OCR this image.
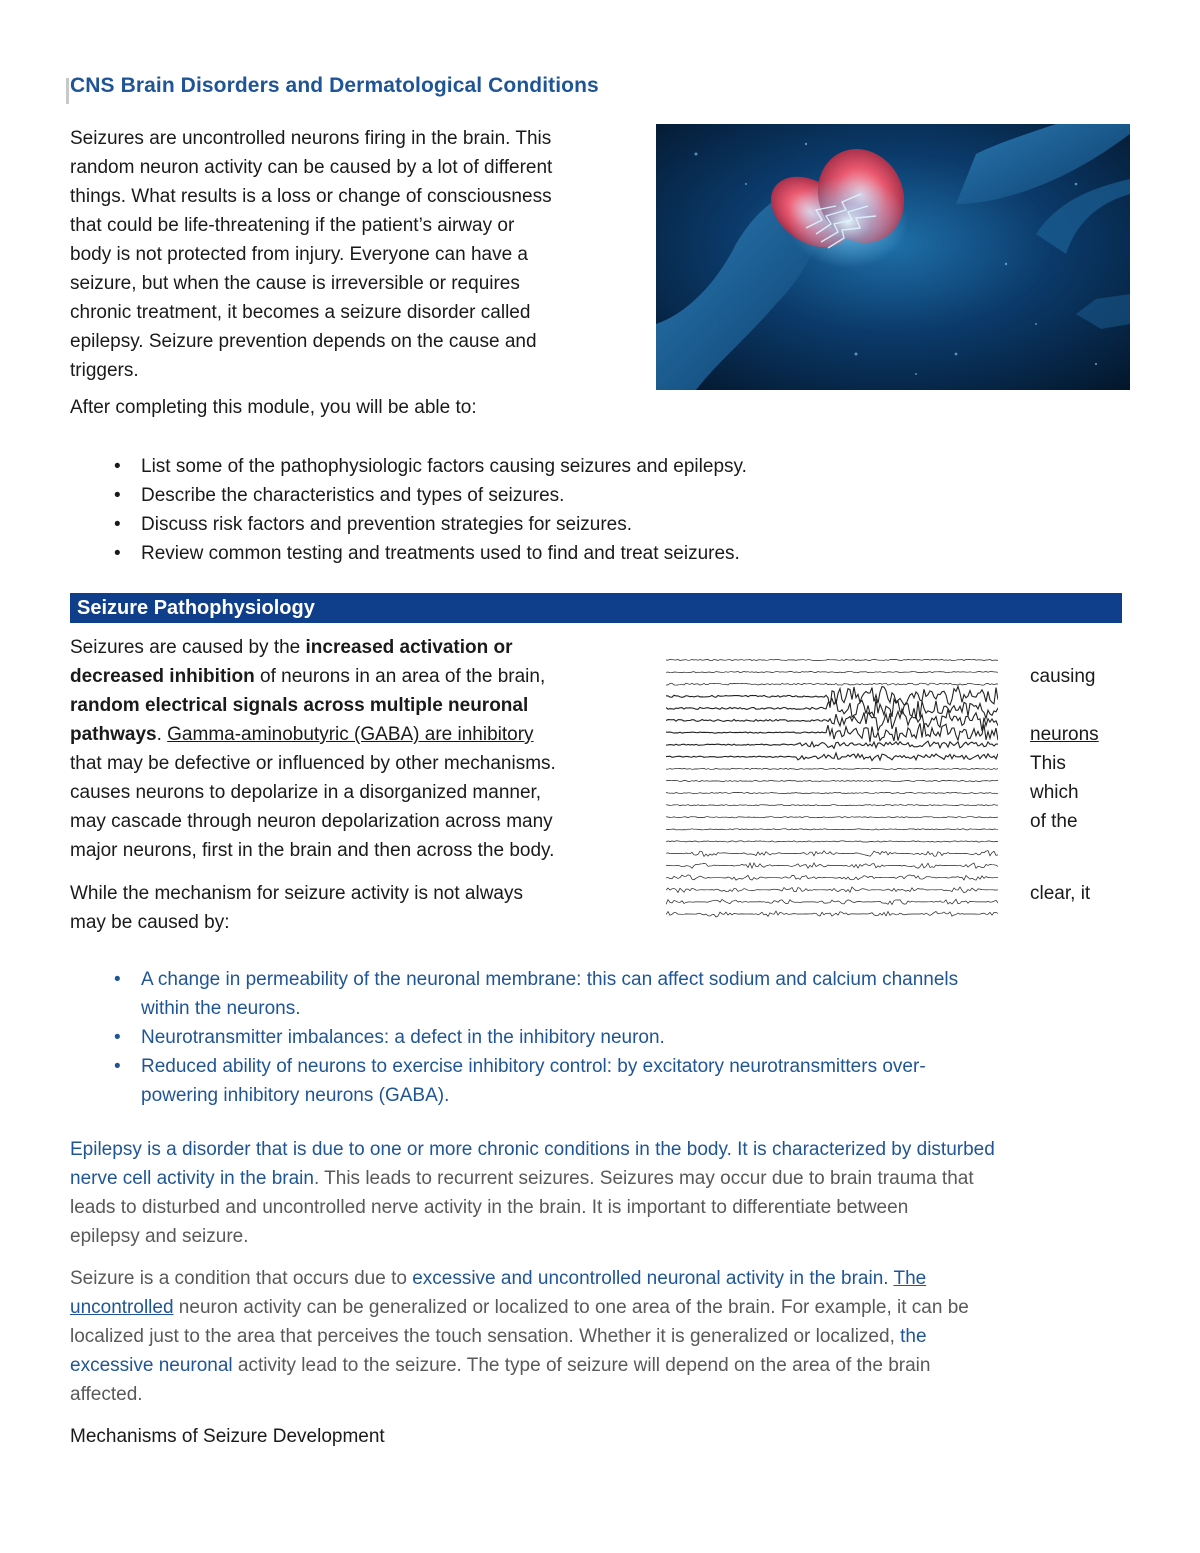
CNS Brain Disorders and Dermatological Conditions
Seizures are uncontrolled neurons firing in the brain. This
random neuron activity can be caused by a lot of different
things. What results is a loss or change of consciousness
that could be life-threatening if the patient’s airway or
body is not protected from injury. Everyone can have a
seizure, but when the cause is irreversible or requires
chronic treatment, it becomes a seizure disorder called
epilepsy. Seizure prevention depends on the cause and
triggers.
After completing this module, you will be able to:
• List some of the pathophysiologic factors causing seizures and epilepsy.
• Describe the characteristics and types of seizures.
• Discuss risk factors and prevention strategies for seizures.
• Review common testing and treatments used to find and treat seizures.
Seizure Pathophysiology
Seizures are caused by the increased activation or
decreased inhibition of neurons in an area of the brain,
random electrical signals across multiple neuronal
pathways. Gamma-aminobutyric (GABA) are inhibitory
that may be defective or influenced by other mechanisms.
causes neurons to depolarize in a disorganized manner,
may cascade through neuron depolarization across many
major neurons, first in the brain and then across the body.
causing
neurons
This
which
of the
While the mechanism for seizure activity is not always
may be caused by:
clear, it
• A change in permeability of the neuronal membrane: this can affect sodium and calcium channels
within the neurons.
• Neurotransmitter imbalances: a defect in the inhibitory neuron.
• Reduced ability of neurons to exercise inhibitory control: by excitatory neurotransmitters over-
powering inhibitory neurons (GABA).
Epilepsy is a disorder that is due to one or more chronic conditions in the body. It is characterized by disturbed
nerve cell activity in the brain. This leads to recurrent seizures. Seizures may occur due to brain trauma that
leads to disturbed and uncontrolled nerve activity in the brain. It is important to differentiate between
epilepsy and seizure.
Seizure is a condition that occurs due to excessive and uncontrolled neuronal activity in the brain. The
uncontrolled neuron activity can be generalized or localized to one area of the brain. For example, it can be
localized just to the area that perceives the touch sensation. Whether it is generalized or localized, the
excessive neuronal activity lead to the seizure. The type of seizure will depend on the area of the brain
affected.
Mechanisms of Seizure Development
